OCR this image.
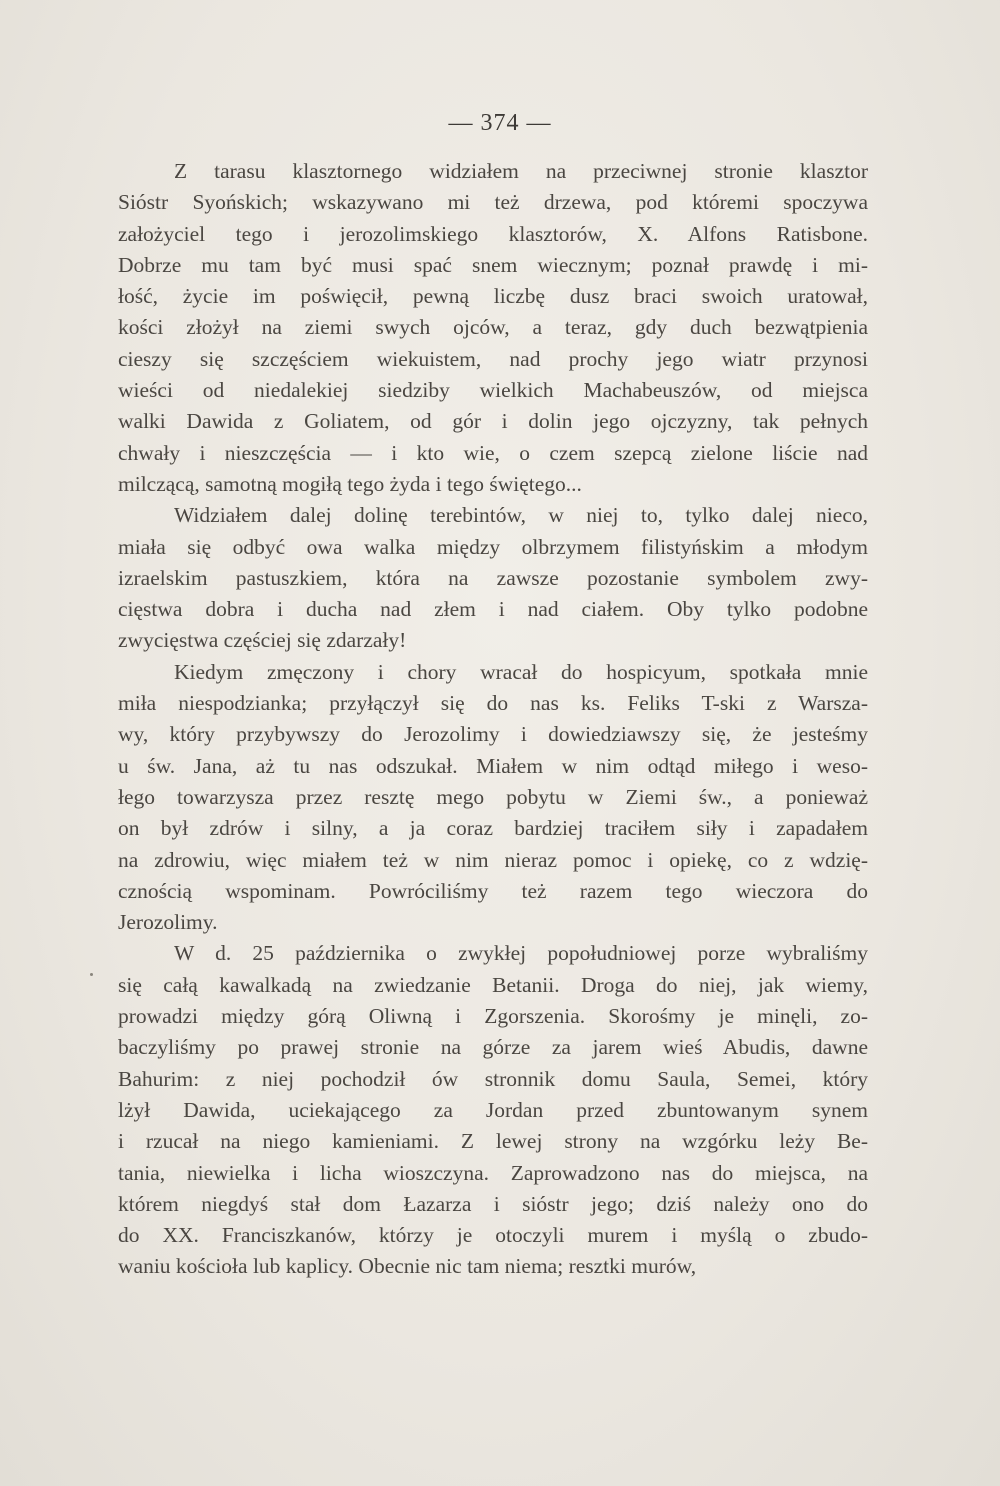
— 374 —
Z tarasu klasztornego widziałem na przeciwnej stronie klasztor
Sióstr Syońskich; wskazywano mi też drzewa, pod któremi spoczywa
założyciel tego i jerozolimskiego klasztorów, X. Alfons Ratisbone.
Dobrze mu tam być musi spać snem wiecznym; poznał prawdę i mi-
łość, życie im poświęcił, pewną liczbę dusz braci swoich uratował,
kości złożył na ziemi swych ojców, a teraz, gdy duch bezwątpienia
cieszy się szczęściem wiekuistem, nad prochy jego wiatr przynosi
wieści od niedalekiej siedziby wielkich Machabeuszów, od miejsca
walki Dawida z Goliatem, od gór i dolin jego ojczyzny, tak pełnych
chwały i nieszczęścia — i kto wie, o czem szepcą zielone liście nad
milczącą, samotną mogiłą tego żyda i tego świętego...
Widziałem dalej dolinę terebintów, w niej to, tylko dalej nieco,
miała się odbyć owa walka między olbrzymem filistyńskim a młodym
izraelskim pastuszkiem, która na zawsze pozostanie symbolem zwy-
cięstwa dobra i ducha nad złem i nad ciałem. Oby tylko podobne
zwycięstwa częściej się zdarzały!
Kiedym zmęczony i chory wracał do hospicyum, spotkała mnie
miła niespodzianka; przyłączył się do nas ks. Feliks T-ski z Warsza-
wy, który przybywszy do Jerozolimy i dowiedziawszy się, że jesteśmy
u św. Jana, aż tu nas odszukał. Miałem w nim odtąd miłego i weso-
łego towarzysza przez resztę mego pobytu w Ziemi św., a ponieważ
on był zdrów i silny, a ja coraz bardziej traciłem siły i zapadałem
na zdrowiu, więc miałem też w nim nieraz pomoc i opiekę, co z wdzię-
cznością wspominam. Powróciliśmy też razem tego wieczora do
Jerozolimy.
W d. 25 października o zwykłej popołudniowej porze wybraliśmy
się całą kawalkadą na zwiedzanie Betanii. Droga do niej, jak wiemy,
prowadzi między górą Oliwną i Zgorszenia. Skorośmy je minęli, zo-
baczyliśmy po prawej stronie na górze za jarem wieś Abudis, dawne
Bahurim: z niej pochodził ów stronnik domu Saula, Semei, który
lżył Dawida, uciekającego za Jordan przed zbuntowanym synem
i rzucał na niego kamieniami. Z lewej strony na wzgórku leży Be-
tania, niewielka i licha wioszczyna. Zaprowadzono nas do miejsca, na
którem niegdyś stał dom Łazarza i sióstr jego; dziś należy ono do
do XX. Franciszkanów, którzy je otoczyli murem i myślą o zbudo-
waniu kościoła lub kaplicy. Obecnie nic tam niema; resztki murów,
